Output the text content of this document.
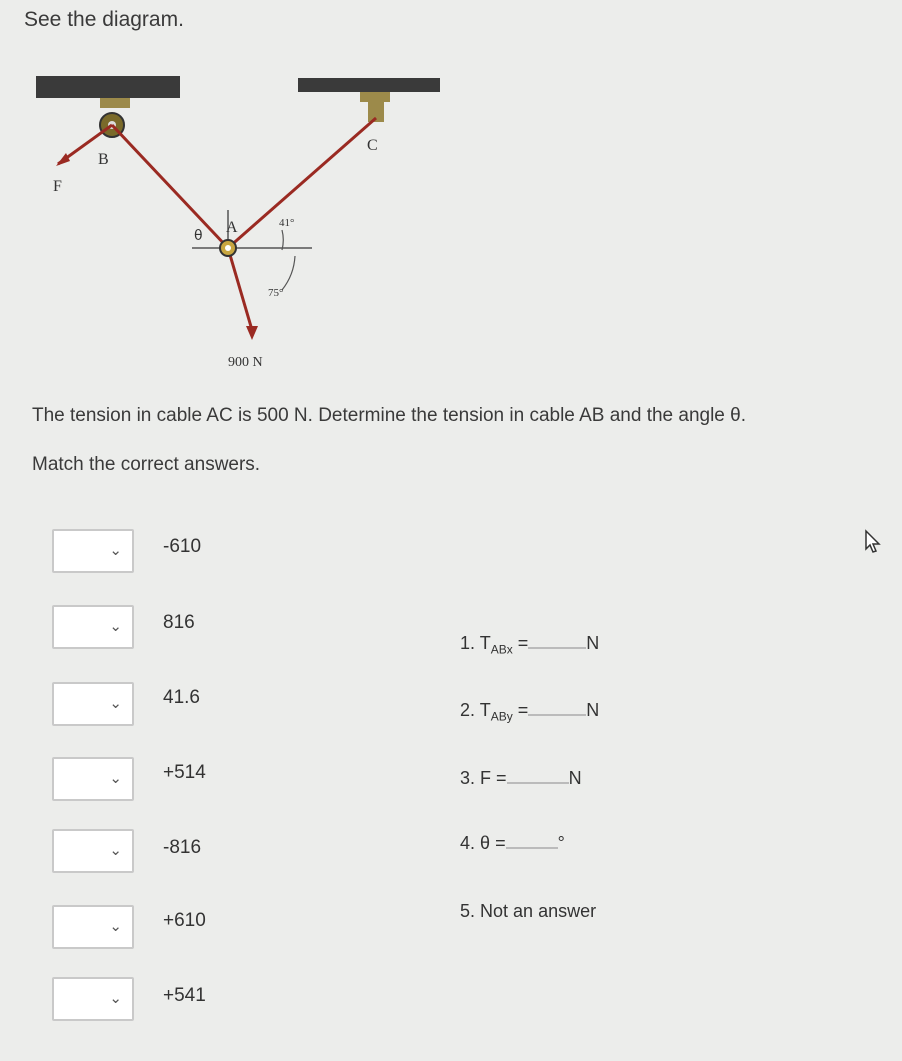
See the diagram.
B
C
F
A
θ
41°
75°
900 N
The tension in cable AC is 500 N. Determine the tension in cable AB and the angle θ.
Match the correct answers.
⌄ -610
⌄ 816
⌄ 41.6
⌄ +514
⌄ -816
⌄ +610
⌄ +541
1. $T_{ABx}$ =	N
2. $T_{ABy}$ =	N
3. F =	N
4. θ =	°
5. Not an answer
